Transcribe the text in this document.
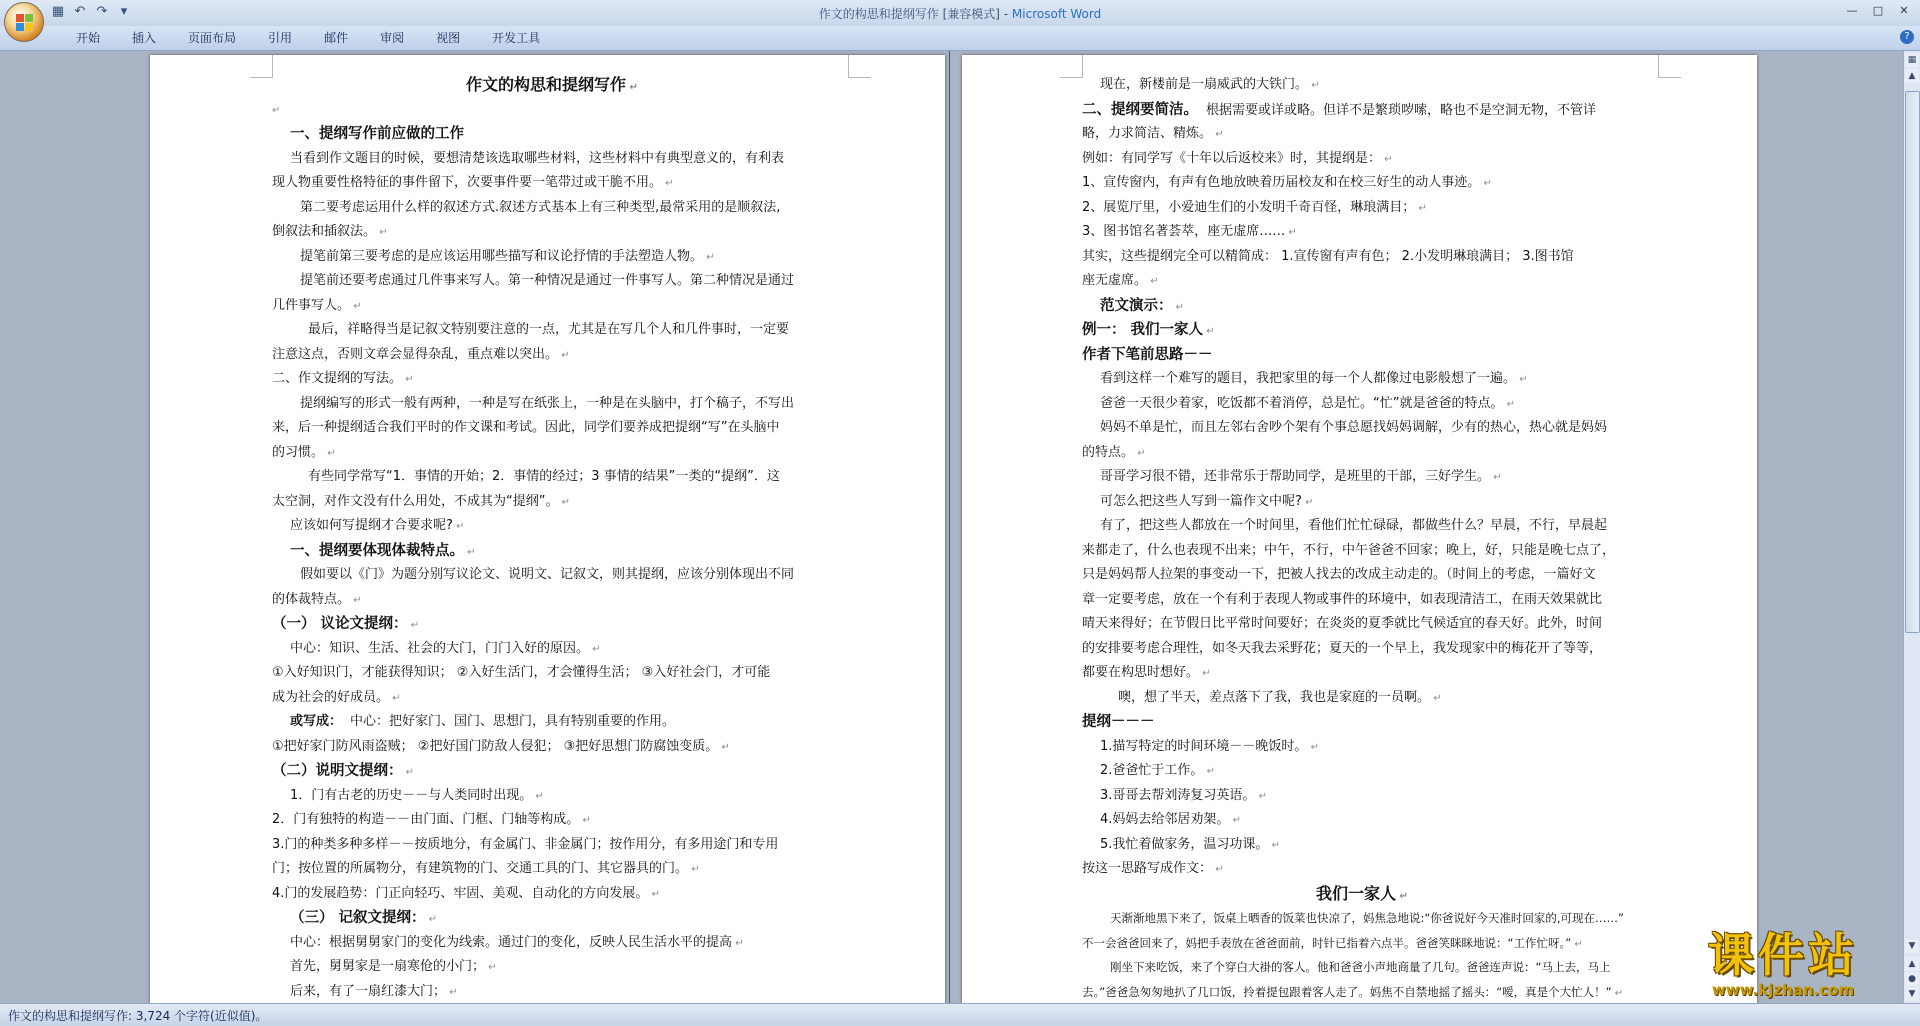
▦ ↶ ↷	▾	作文的构思和提纲写作 [兼容模式] - Microsoft Word	—	□	✕
开始	插入	页面布局	引用	邮件	审阅	视图	开发工具	?
作文的构思和提纲写作 ↵
↵
一、提纲写作前应做的工作
当看到作文题目的时候，要想清楚该选取哪些材料，这些材料中有典型意义的，有利表
现人物重要性格特征的事件留下，次要事件要一笔带过或干脆不用。 ↵
第二要考虑运用什么样的叙述方式.叙述方式基本上有三种类型,最常采用的是顺叙法,
倒叙法和插叙法。 ↵
提笔前第三要考虑的是应该运用哪些描写和议论抒情的手法塑造人物。 ↵
提笔前还要考虑通过几件事来写人。第一种情况是通过一件事写人。第二种情况是通过
几件事写人。 ↵
最后，祥略得当是记叙文特别要注意的一点，尤其是在写几个人和几件事时，一定要
注意这点，否则文章会显得杂乱，重点难以突出。 ↵
二、作文提纲的写法。 ↵
提纲编写的形式一般有两种，一种是写在纸张上，一种是在头脑中，打个稿子，不写出
来，后一种提纲适合我们平时的作文课和考试。因此，同学们要养成把提纲“写”在头脑中
的习惯。 ↵
有些同学常写“1．事情的开始；2．事情的经过；3 事情的结果”一类的“提纲”．这
太空洞，对作文没有什么用处，不成其为“提纲”。 ↵
应该如何写提纲才合要求呢? ↵
一、提纲要体现体裁特点。 ↵
假如要以《门》为题分别写议论文、说明文、记叙文，则其提纲，应该分别体现出不同
的体裁特点。 ↵
（一） 议论文提纲： ↵
中心：知识、生活、社会的大门，门门入好的原因。 ↵
①入好知识门，才能获得知识； ②入好生活门，才会懂得生活； ③入好社会门，才可能
成为社会的好成员。 ↵
或写成： 中心：把好家门、国门、思想门，具有特别重要的作用。
①把好家门防风雨盗贼； ②把好国门防敌人侵犯； ③把好思想门防腐蚀变质。 ↵
（二）说明文提纲： ↵
1．门有古老的历史－－与人类同时出现。 ↵
2．门有独特的构造－－由门面、门框、门轴等构成。 ↵
3.门的种类多种多样－－按质地分，有金属门、非金属门；按作用分，有多用途门和专用
门；按位置的所属物分，有建筑物的门、交通工具的门、其它器具的门。 ↵
4.门的发展趋势：门正向轻巧、牢固、美观、自动化的方向发展。 ↵
（三） 记叙文提纲： ↵
中心：根据舅舅家门的变化为线索。通过门的变化，反映人民生活水平的提高 ↵
首先，舅舅家是一扇寒伧的小门； ↵
后来，有了一扇红漆大门； ↵
现在，新楼前是一扇威武的大铁门。 ↵
二、提纲要简洁。 根据需要或详或略。但详不是繁琐哕嗦，略也不是空洞无物，不管详
略，力求简洁、精炼。 ↵
例如：有同学写《十年以后返校来》时，其提纲是： ↵
1、宣传窗内，有声有色地放映着历届校友和在校三好生的动人事迹。 ↵
2、展览厅里，小爱迪生们的小发明千奇百怪，琳琅满目； ↵
3、图书馆名著荟萃，座无虚席…… ↵
其实，这些提纲完全可以精简成： 1.宣传窗有声有色； 2.小发明琳琅满目； 3.图书馆
座无虚席。 ↵
范文演示： ↵
例一： 我们一家人 ↵
作者下笔前思路－－
看到这样一个难写的题目，我把家里的每一个人都像过电影般想了一遍。 ↵
爸爸一天很少着家，吃饭都不着消停，总是忙。“忙”就是爸爸的特点。 ↵
妈妈不单是忙，而且左邻右舍吵个架有个事总愿找妈妈调解，少有的热心，热心就是妈妈
的特点。 ↵
哥哥学习很不错，还非常乐于帮助同学，是班里的干部，三好学生。 ↵
可怎么把这些人写到一篇作文中呢? ↵
有了，把这些人都放在一个时间里，看他们忙忙碌碌，都做些什么？早晨，不行，早晨起
来都走了，什么也表现不出来；中午，不行，中午爸爸不回家；晚上，好，只能是晚七点了，
只是妈妈帮人拉架的事变动一下，把被人找去的改成主动走的。（时间上的考虑，一篇好文
章一定要考虑，放在一个有利于表现人物或事件的环境中，如表现清洁工，在雨天效果就比
晴天来得好；在节假日比平常时间要好；在炎炎的夏季就比气候适宜的春天好。此外，时间
的安排要考虑合理性，如冬天我去采野花；夏天的一个早上，我发现家中的梅花开了等等，
都要在构思时想好。 ↵
噢，想了半天，差点落下了我，我也是家庭的一员啊。 ↵
提纲－－－
1.描写特定的时间环境－－晚饭时。 ↵
2.爸爸忙于工作。 ↵
3.哥哥去帮刘涛复习英语。 ↵
4.妈妈去给邻居劝架。 ↵
5.我忙着做家务，温习功课。 ↵
按这一思路写成作文： ↵
我们一家人 ↵
天渐渐地黑下来了，饭桌上晒香的饭菜也快凉了，妈焦急地说:“你爸说好今天准时回家的,可现在……”
不一会爸爸回来了，妈把手表放在爸爸面前，时针已指着六点半。爸爸笑眯眯地说：“工作忙呀。” ↵
刚坐下来吃饭，来了个穿白大褂的客人。他和爸爸小声地商量了几句。爸爸连声说：“马上去，马上
去。”爸爸急匆匆地扒了几口饭，拎着提包跟着客人走了。妈焦不自禁地摇了摇头：“嗳，真是个大忙人！” ↵
▦
▲
▼
▲
●
▼
作文的构思和提纲写作: 3,724 个字符(近似值)。
课件站
www.kjzhan.com
